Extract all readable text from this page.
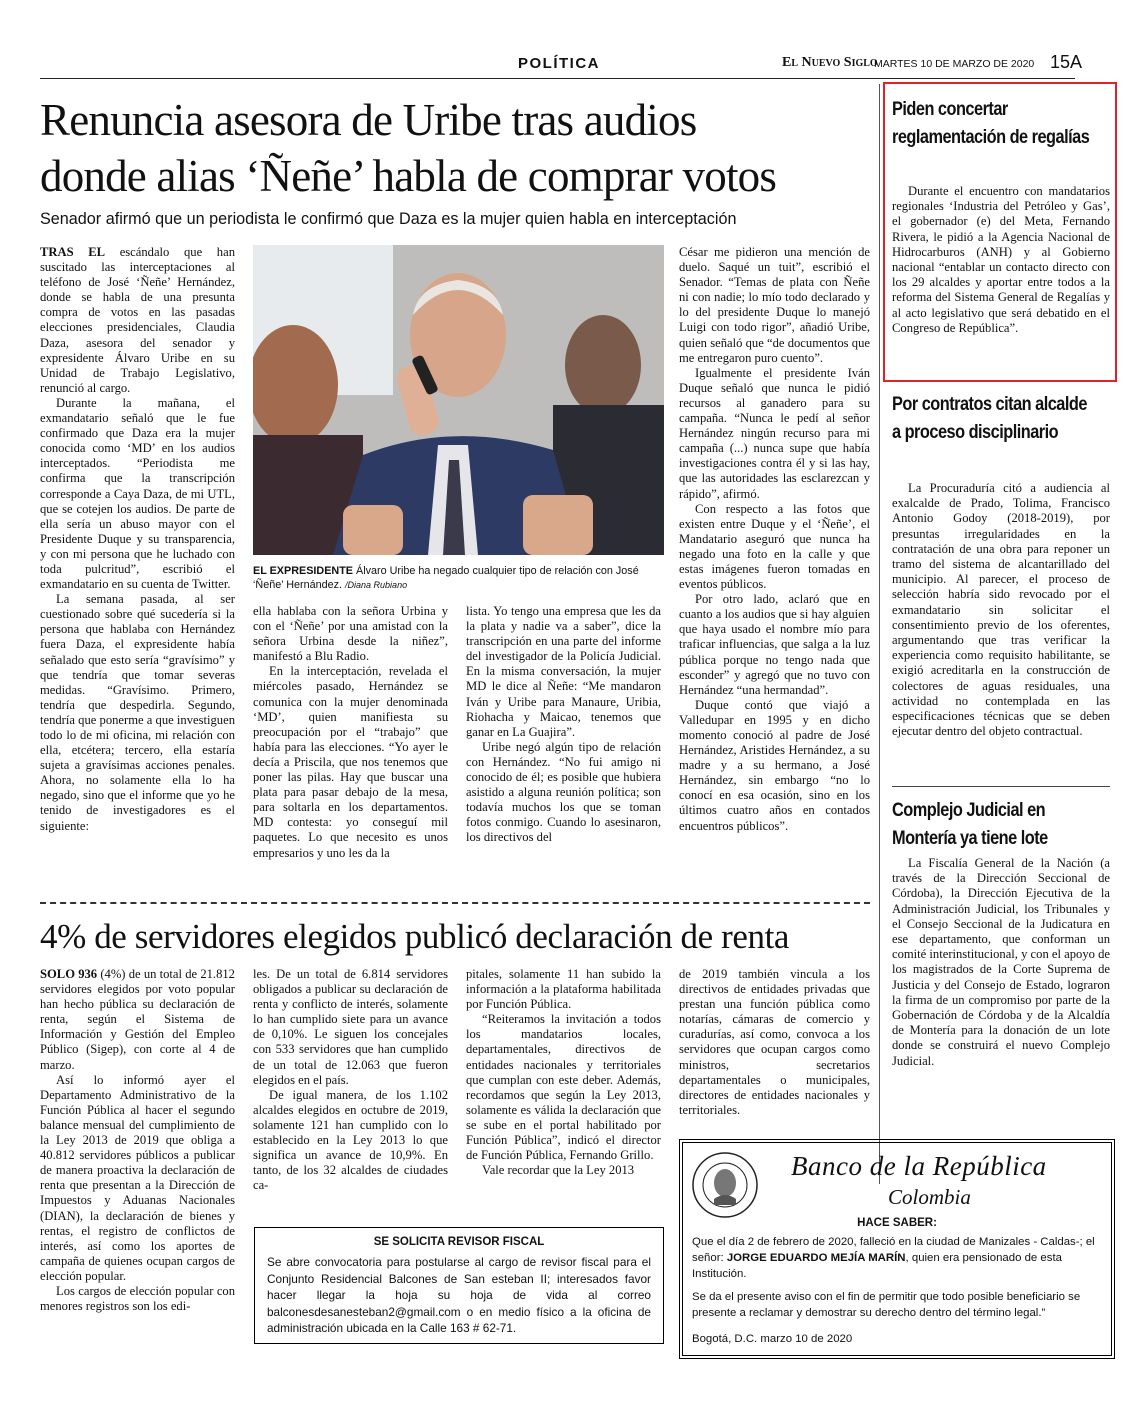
POLÍTICA	El Nuevo Siglo
MARTES 10 DE MARZO DE 2020 15A
Renuncia asesora de Uribe tras audios
donde alias ‘Ñeñe’ habla de comprar votos
Senador afirmó que un periodista le confirmó que Daza es la mujer quien habla en interceptación

TRAS EL escándalo que han suscitado las interceptaciones al teléfono de José ‘Ñeñe’ Hernández, donde se habla de una presunta compra de votos en las pasadas elecciones presidenciales, Claudia Daza, asesora del senador y expresidente Álvaro Uribe en su Unidad de Trabajo Legislativo, renunció al cargo.

Durante la mañana, el exmandatario señaló que le fue confirmado que Daza era la mujer conocida como ‘MD’ en los audios interceptados. “Periodista me confirma que la transcripción corresponde a Caya Daza, de mi UTL, que se cotejen los audios. De parte de ella sería un abuso mayor con el Presidente Duque y su transparencia, y con mi persona que he luchado con toda pulcritud”, escribió el exmandatario en su cuenta de Twitter.

La semana pasada, al ser cuestionado sobre qué sucedería si la persona que hablaba con Hernández fuera Daza, el expresidente había señalado que esto sería “gravísimo” y que tendría que tomar severas medidas. “Gravísimo. Primero, tendría que despedirla. Segundo, tendría que ponerme a que investiguen todo lo de mi oficina, mi relación con ella, etcétera; tercero, ella estaría sujeta a gravísimas acciones penales. Ahora, no solamente ella lo ha negado, sino que el informe que yo he tenido de investigadores es el siguiente:

EL EXPRESIDENTE Álvaro Uribe ha negado cualquier tipo de relación con José ‘Ñeñe’ Hernández. /Diana Rubiano

ella hablaba con la señora Urbina y con el ‘Ñeñe’ por una amistad con la señora Urbina desde la niñez”, manifestó a Blu Radio.

En la interceptación, revelada el miércoles pasado, Hernández se comunica con la mujer denominada ‘MD’, quien manifiesta su preocupación por el “trabajo” que había para las elecciones. “Yo ayer le decía a Priscila, que nos tenemos que poner las pilas. Hay que buscar una plata para pasar debajo de la mesa, para soltarla en los departamentos. MD contesta: yo conseguí mil paquetes. Lo que necesito es unos empresarios y uno les da la

lista. Yo tengo una empresa que les da la plata y nadie va a saber”, dice la transcripción en una parte del informe del investigador de la Policía Judicial. En la misma conversación, la mujer MD le dice al Ñeñe: “Me mandaron Iván y Uribe para Manaure, Uribia, Riohacha y Maicao, tenemos que ganar en La Guajira”.

Uribe negó algún tipo de relación con Hernández. “No fui amigo ni conocido de él; es posible que hubiera asistido a alguna reunión política; son todavía muchos los que se toman fotos conmigo. Cuando lo asesinaron, los directivos del

César me pidieron una mención de duelo. Saqué un tuit”, escribió el Senador. “Temas de plata con Ñeñe ni con nadie; lo mío todo declarado y lo del presidente Duque lo manejó Luigi con todo rigor”, añadió Uribe, quien señaló que “de documentos que me entregaron puro cuento”.

Igualmente el presidente Iván Duque señaló que nunca le pidió recursos al ganadero para su campaña. “Nunca le pedí al señor Hernández ningún recurso para mi campaña (...) nunca supe que había investigaciones contra él y si las hay, que las autoridades las esclarezcan y rápido”, afirmó.

Con respecto a las fotos que existen entre Duque y el ‘Ñeñe’, el Mandatario aseguró que nunca ha negado una foto en la calle y que estas imágenes fueron tomadas en eventos públicos.

Por otro lado, aclaró que en cuanto a los audios que si hay alguien que haya usado el nombre mío para traficar influencias, que salga a la luz pública porque no tengo nada que esconder” y agregó que no tuvo con Hernández “una hermandad”.

Duque contó que viajó a Valledupar en 1995 y en dicho momento conoció al padre de José Hernández, Aristides Hernández, a su madre y a su hermano, a José Hernández, sin embargo “no lo conocí en esa ocasión, sino en los últimos cuatro años en contados encuentros públicos”.

4% de servidores elegidos publicó declaración de renta

SOLO 936 (4%) de un total de 21.812 servidores elegidos por voto popular han hecho pública su declaración de renta, según el Sistema de Información y Gestión del Empleo Público (Sigep), con corte al 4 de marzo.

Así lo informó ayer el Departamento Administrativo de la Función Pública al hacer el segundo balance mensual del cumplimiento de la Ley 2013 de 2019 que obliga a 40.812 servidores públicos a publicar de manera proactiva la declaración de renta que presentan a la Dirección de Impuestos y Aduanas Nacionales (DIAN), la declaración de bienes y rentas, el registro de conflictos de interés, así como los aportes de campaña de quienes ocupan cargos de elección popular.

Los cargos de elección popular con menores registros son los edi-

les. De un total de 6.814 servidores obligados a publicar su declaración de renta y conflicto de interés, solamente lo han cumplido siete para un avance de 0,10%. Le siguen los concejales con 533 servidores que han cumplido de un total de 12.063 que fueron elegidos en el país.

De igual manera, de los 1.102 alcaldes elegidos en octubre de 2019, solamente 121 han cumplido con lo establecido en la Ley 2013 lo que significa un avance de 10,9%. En tanto, de los 32 alcaldes de ciudades ca-

pitales, solamente 11 han subido la información a la plataforma habilitada por Función Pública.

“Reiteramos la invitación a todos los mandatarios locales, departamentales, directivos de entidades nacionales y territoriales que cumplan con este deber. Además, recordamos que según la Ley 2013, solamente es válida la declaración que se sube en el portal habilitado por Función Pública”, indicó el director de Función Pública, Fernando Grillo.

Vale recordar que la Ley 2013

de 2019 también vincula a los directivos de entidades privadas que prestan una función pública como notarías, cámaras de comercio y curadurías, así como, convoca a los servidores que ocupan cargos como ministros, secretarios departamentales o municipales, directores de entidades nacionales y territoriales.

SE SOLICITA REVISOR FISCAL
Se abre convocatoria para postularse al cargo de revisor fiscal para el Conjunto Residencial Balcones de San esteban II; interesados favor hacer llegar la hoja su hoja de vida al correo balconesdesanesteban2@gmail.com o en medio físico a la oficina de administración ubicada en la Calle 163 # 62-71.
Piden concertar reglamentación de regalías

Durante el encuentro con mandatarios regionales ‘Industria del Petróleo y Gas’, el gobernador (e) del Meta, Fernando Rivera, le pidió a la Agencia Nacional de Hidrocarburos (ANH) y al Gobierno nacional “entablar un contacto directo con los 29 alcaldes y aportar entre todos a la reforma del Sistema General de Regalías y al acto legislativo que será debatido en el Congreso de República”.

Por contratos citan alcalde a proceso disciplinario

La Procuraduría citó a audiencia al exalcalde de Prado, Tolima, Francisco Antonio Godoy (2018-2019), por presuntas irregularidades en la contratación de una obra para reponer un tramo del sistema de alcantarillado del municipio. Al parecer, el proceso de selección habría sido revocado por el exmandatario sin solicitar el consentimiento previo de los oferentes, argumentando que tras verificar la experiencia como requisito habilitante, se exigió acreditarla en la construcción de colectores de aguas residuales, una actividad no contemplada en las especificaciones técnicas que se deben ejecutar dentro del objeto contractual.

Complejo Judicial en Montería ya tiene lote

La Fiscalía General de la Nación (a través de la Dirección Seccional de Córdoba), la Dirección Ejecutiva de la Administración Judicial, los Tribunales y el Consejo Seccional de la Judicatura en ese departamento, que conforman un comité interinstitucional, y con el apoyo de los magistrados de la Corte Suprema de Justicia y del Consejo de Estado, lograron la firma de un compromiso por parte de la Gobernación de Córdoba y de la Alcaldía de Montería para la donación de un lote donde se construirá el nuevo Complejo Judicial.

Banco de la República
Colombia
HACE SABER:
Que el día 2 de febrero de 2020, falleció en la ciudad de Manizales - Caldas-; el señor: JORGE EDUARDO MEJÍA MARÍN, quien era pensionado de esta Institución.
Se da el presente aviso con el fin de permitir que todo posible beneficiario se presente a reclamar y demostrar su derecho dentro del término legal.”
Bogotá, D.C. marzo 10 de 2020
